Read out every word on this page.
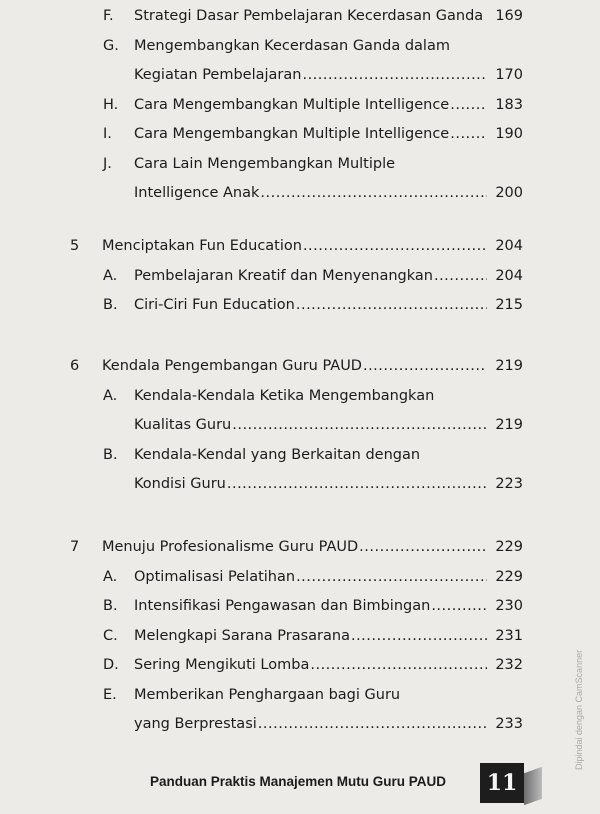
F. Strategi Dasar Pembelajaran Kecerdasan Ganda 169
G. Mengembangkan Kecerdasan Ganda dalam
Kegiatan Pembelajaran .....	170
H. Cara Mengembangkan Multiple Intelligence .....	183
I. Cara Mengembangkan Multiple Intelligence .....	190
J. Cara Lain Mengembangkan Multiple
Intelligence Anak .....	200
5 Menciptakan Fun Education .....	204
A. Pembelajaran Kreatif dan Menyenangkan .....	204
B. Ciri-Ciri Fun Education .....	215
6 Kendala Pengembangan Guru PAUD .....	219
A. Kendala-Kendala Ketika Mengembangkan
Kualitas Guru .....	219
B. Kendala-Kendal yang Berkaitan dengan
Kondisi Guru .....	223
7 Menuju Profesionalisme Guru PAUD .....	229
A. Optimalisasi Pelatihan .....	229
B. Intensifikasi Pengawasan dan Bimbingan .....	230
C. Melengkapi Sarana Prasarana .....	231
D. Sering Mengikuti Lomba .....	232
E. Memberikan Penghargaan bagi Guru
yang Berprestasi .....	233
Panduan Praktis Manajemen Mutu Guru PAUD	11
Dipindai dengan CamScanner
